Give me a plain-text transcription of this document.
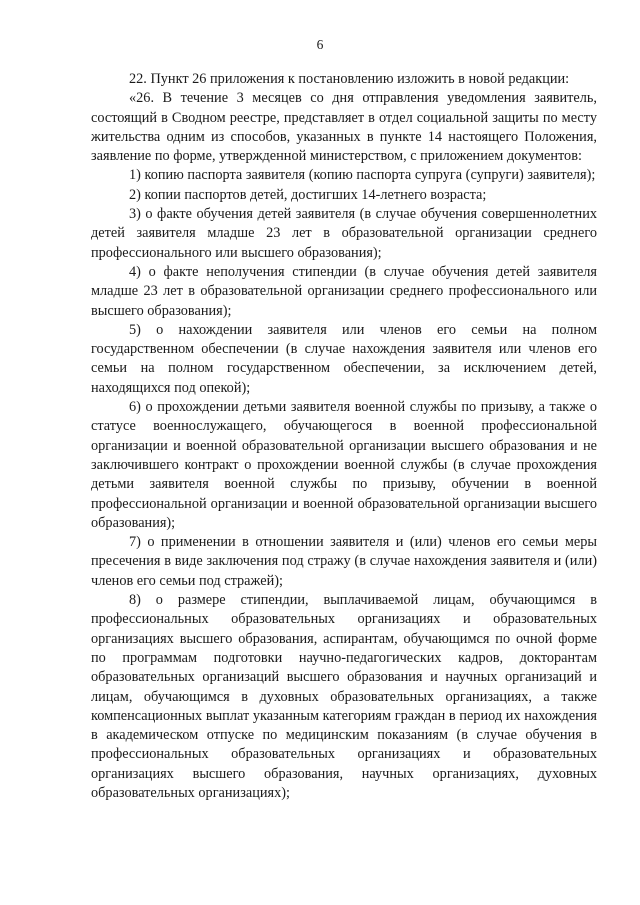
6

22. Пункт 26 приложения к постановлению изложить в новой редакции:

«26. В течение 3 месяцев со дня отправления уведомления заявитель, состоящий в Сводном реестре, представляет в отдел социальной защиты по месту жительства одним из способов, указанных в пункте 14 настоящего Положения, заявление по форме, утвержденной министерством, с приложением документов:

1) копию паспорта заявителя (копию паспорта супруга (супруги) заявителя);

2) копии паспортов детей, достигших 14-летнего возраста;

3) о факте обучения детей заявителя (в случае обучения совершеннолетних детей заявителя младше 23 лет в образовательной организации среднего профессионального или высшего образования);

4) о факте неполучения стипендии (в случае обучения детей заявителя младше 23 лет в образовательной организации среднего профессионального или высшего образования);

5) о нахождении заявителя или членов его семьи на полном государственном обеспечении (в случае нахождения заявителя или членов его семьи на полном государственном обеспечении, за исключением детей, находящихся под опекой);

6) о прохождении детьми заявителя военной службы по призыву, а также о статусе военнослужащего, обучающегося в военной профессиональной организации и военной образовательной организации высшего образования и не заключившего контракт о прохождении военной службы (в случае прохождения детьми заявителя военной службы по призыву, обучении в военной профессиональной организации и военной образовательной организации высшего образования);

7) о применении в отношении заявителя и (или) членов его семьи меры пресечения в виде заключения под стражу (в случае нахождения заявителя и (или) членов его семьи под стражей);

8) о размере стипендии, выплачиваемой лицам, обучающимся в профессиональных образовательных организациях и образовательных организациях высшего образования, аспирантам, обучающимся по очной форме по программам подготовки научно-педагогических кадров, докторантам образовательных организаций высшего образования и научных организаций и лицам, обучающимся в духовных образовательных организациях, а также компенсационных выплат указанным категориям граждан в период их нахождения в академическом отпуске по медицинским показаниям (в случае обучения в профессиональных образовательных организациях и образовательных организациях высшего образования, научных организациях, духовных образовательных организациях);
